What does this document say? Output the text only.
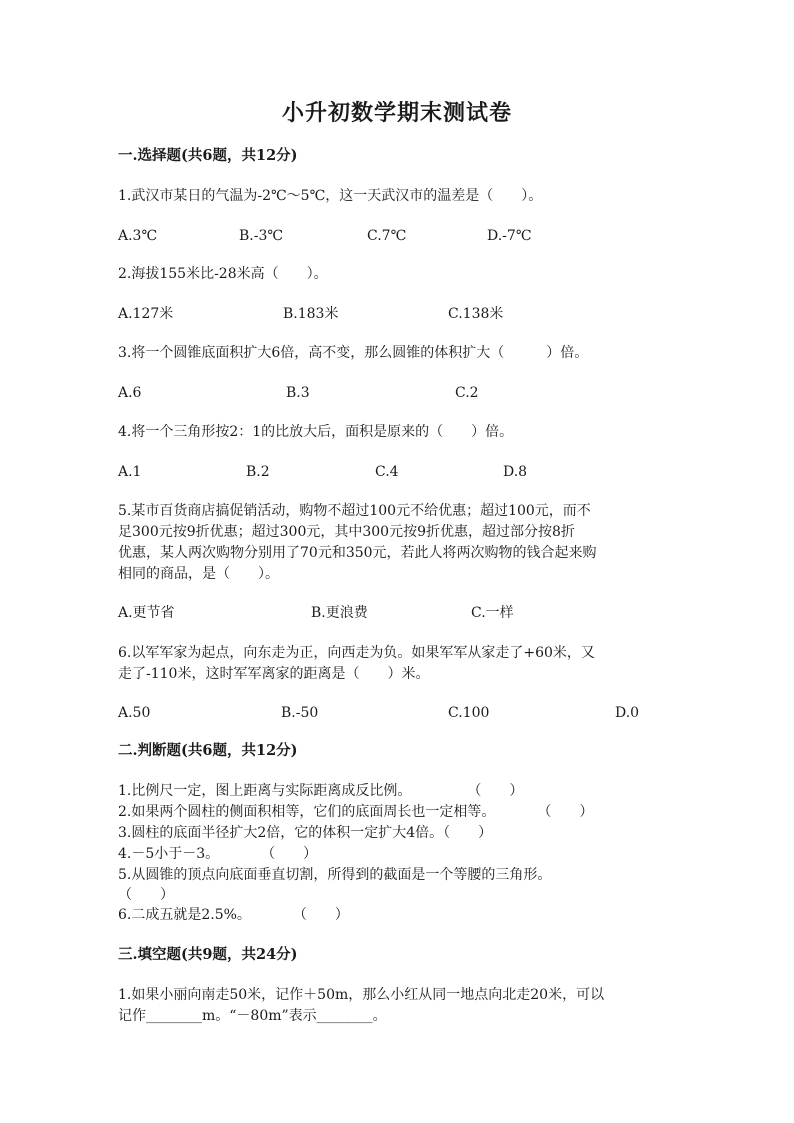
小升初数学期末测试卷
一.选择题(共6题，共12分)
1.武汉市某日的气温为-2℃～5℃，这一天武汉市的温差是（　　）。
A.3℃	B.-3℃	C.7℃	D.-7℃
2.海拔155米比-28米高（　　）。
A.127米	B.183米	C.138米
3.将一个圆锥底面积扩大6倍，高不变，那么圆锥的体积扩大（　　　）倍。
A.6	B.3	C.2
4.将一个三角形按2：1的比放大后，面积是原来的（　　）倍。
A.1	B.2	C.4	D.8
5.某市百货商店搞促销活动，购物不超过100元不给优惠；超过100元，而不
足300元按9折优惠；超过300元，其中300元按9折优惠，超过部分按8折
优惠，某人两次购物分别用了70元和350元，若此人将两次购物的钱合起来购
相同的商品，是（　　）。
A.更节省	B.更浪费	C.一样
6.以军军家为起点，向东走为正，向西走为负。如果军军从家走了+60米，又
走了-110米，这时军军离家的距离是（　　）米。
A.50	B.-50	C.100	D.0
二.判断题(共6题，共12分)
1.比例尺一定，图上距离与实际距离成反比例。　　　　　（　　）
2.如果两个圆柱的侧面积相等，它们的底面周长也一定相等。　　　　（　　）
3.圆柱的底面半径扩大2倍，它的体积一定扩大4倍。（　　）
4.－5小于－3。　　　　（　　）
5.从圆锥的顶点向底面垂直切割，所得到的截面是一个等腰的三角形。
（　　）
6.二成五就是2.5%。　　　　（　　）
三.填空题(共9题，共24分)
1.如果小丽向南走50米，记作＋50m，那么小红从同一地点向北走20米，可以
记作________m。“－80m”表示________。
